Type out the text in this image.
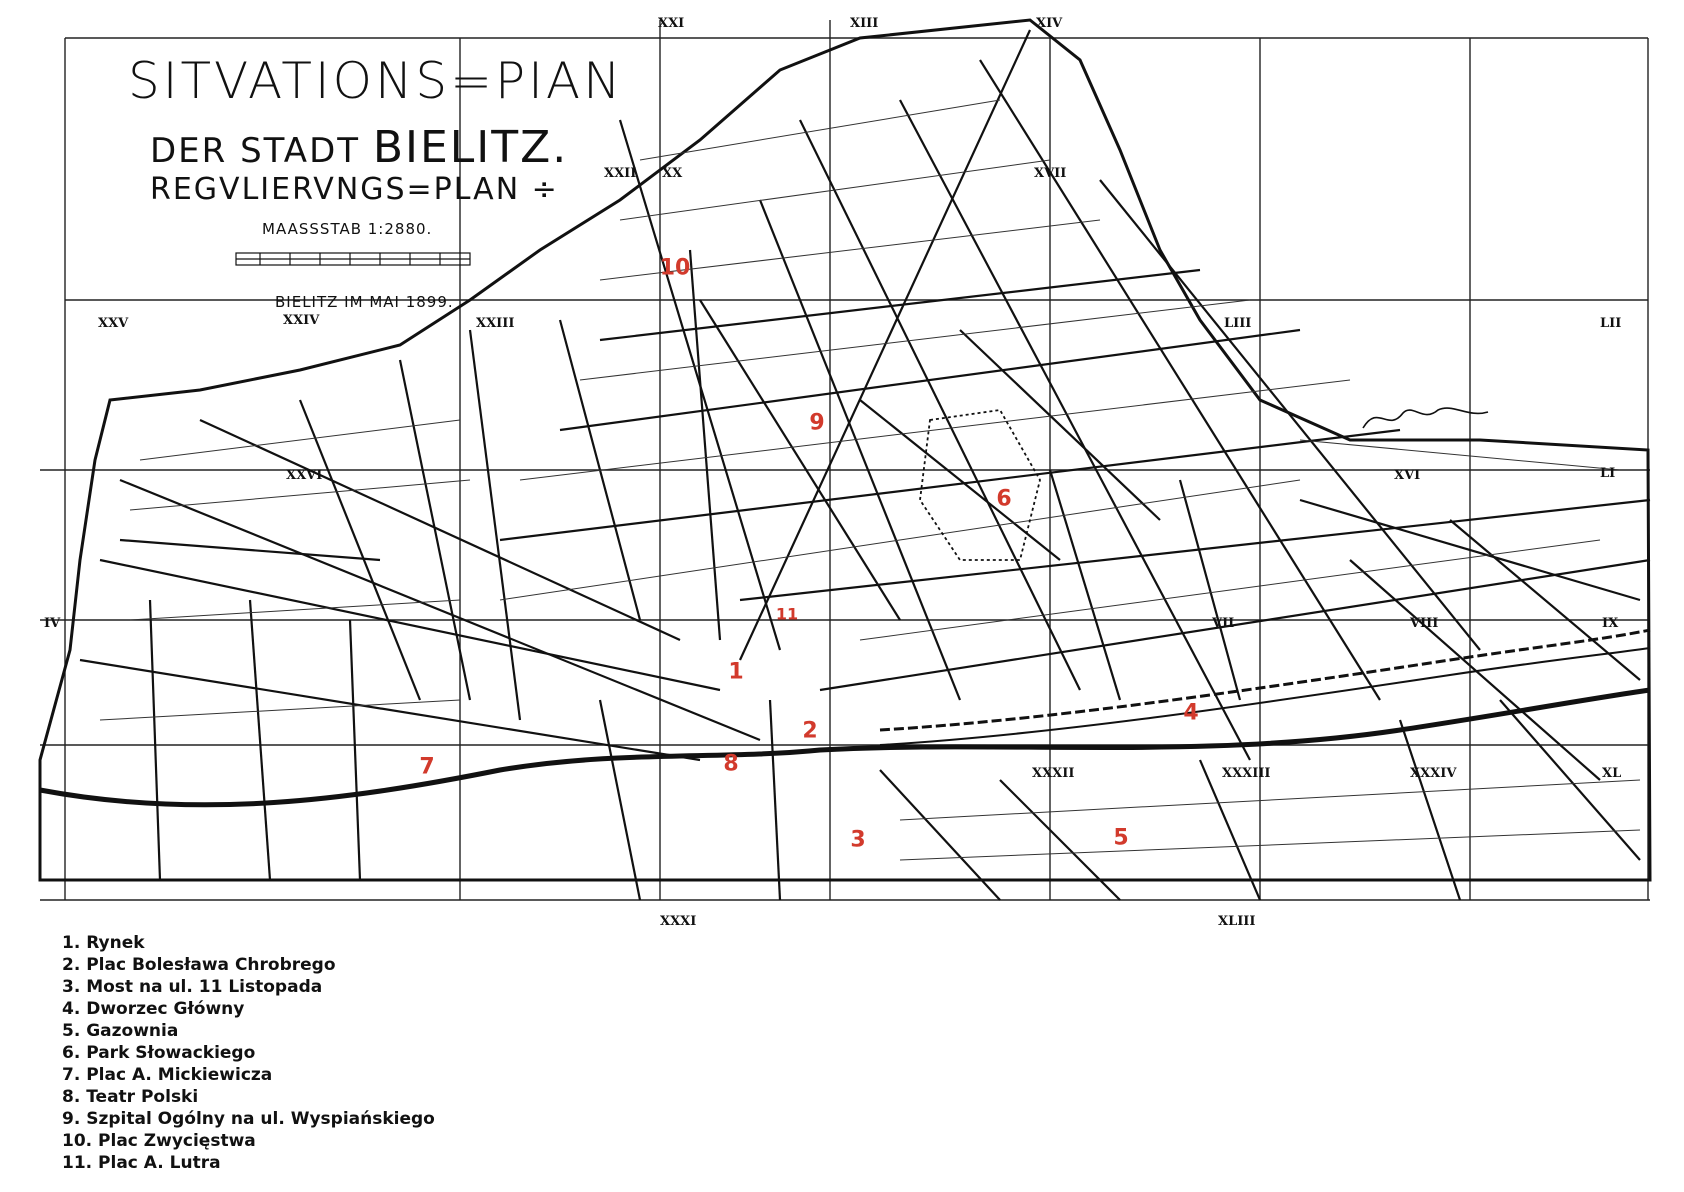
SITVATIONS=PIAN
DER STADT BIELITZ.
REGVLIERVNGS=PLAN ÷
MAASSSTAB 1:2880.
BIELITZ IM MAI 1899.
XXI	XIII	XIV
XXII XX	XVII
XXV	XXIV	XXIII	LIII	LII
XXVI	XVI	LI
IV	VII	VIII	IX
XXXII	XXXIII	XXXIV	XL
XXXI	XLIII
1
2
3
4
5
6
7	8
9
10
11
1. Rynek
2. Plac Bolesława Chrobrego
3. Most na ul. 11 Listopada
4. Dworzec Główny
5. Gazownia
6. Park Słowackiego
7. Plac A. Mickiewicza
8. Teatr Polski
9. Szpital Ogólny na ul. Wyspiańskiego
10. Plac Zwycięstwa
11. Plac A. Lutra
